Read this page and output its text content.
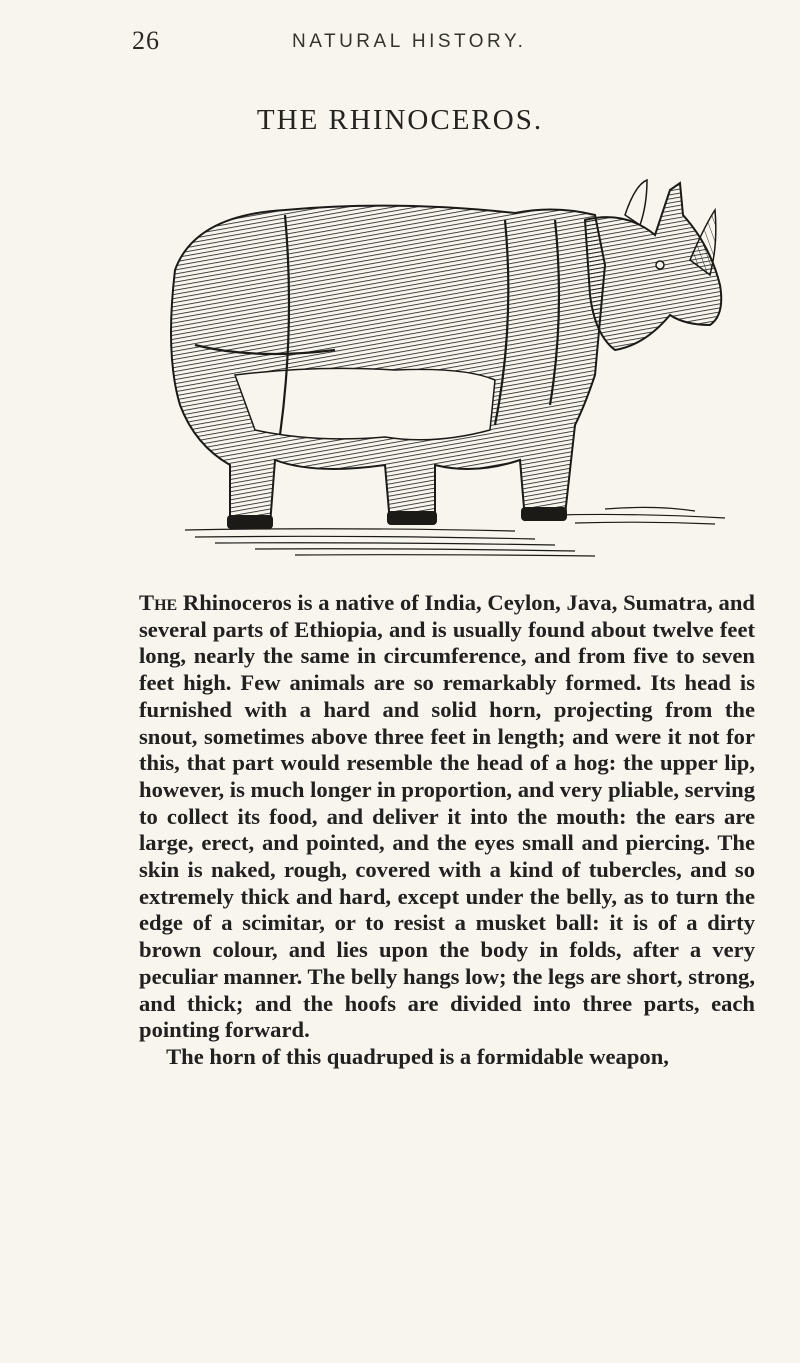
26	NATURAL HISTORY.
THE RHINOCEROS.

The Rhinoceros is a native of India, Ceylon, Java, Sumatra, and several parts of Ethiopia, and is usually found about twelve feet long, nearly the same in circumference, and from five to seven feet high. Few animals are so remarkably formed. Its head is furnished with a hard and solid horn, projecting from the snout, sometimes above three feet in length; and were it not for this, that part would resemble the head of a hog: the upper lip, however, is much longer in proportion, and very pliable, serving to collect its food, and deliver it into the mouth: the ears are large, erect, and pointed, and the eyes small and piercing. The skin is naked, rough, covered with a kind of tubercles, and so extremely thick and hard, except under the belly, as to turn the edge of a scimitar, or to resist a musket ball: it is of a dirty brown colour, and lies upon the body in folds, after a very peculiar manner. The belly hangs low; the legs are short, strong, and thick; and the hoofs are divided into three parts, each pointing forward.

The horn of this quadruped is a formidable weapon,
